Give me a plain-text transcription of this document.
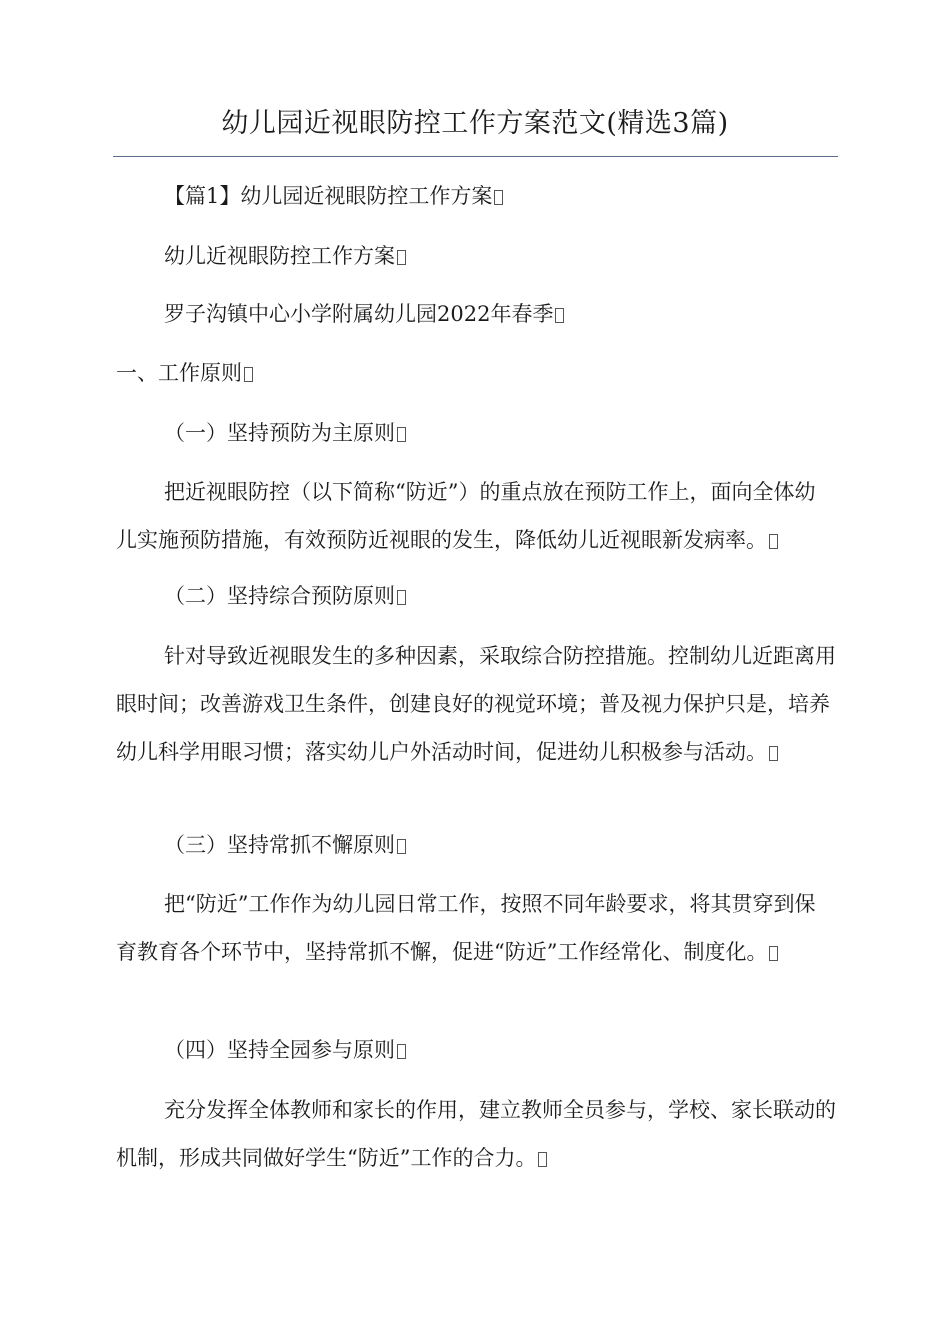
幼儿园近视眼防控工作方案范文(精选3篇)

【篇1】幼儿园近视眼防控工作方案

幼儿近视眼防控工作方案

罗子沟镇中心小学附属幼儿园2022年春季

一、工作原则

（一）坚持预防为主原则

把近视眼防控（以下简称“防近”）的重点放在预防工作上，面向全体幼儿实施预防措施，有效预防近视眼的发生，降低幼儿近视眼新发病率。

（二）坚持综合预防原则

针对导致近视眼发生的多种因素，采取综合防控措施。控制幼儿近距离用眼时间；改善游戏卫生条件，创建良好的视觉环境；普及视力保护只是，培养幼儿科学用眼习惯；落实幼儿户外活动时间，促进幼儿积极参与活动。

（三）坚持常抓不懈原则

把“防近”工作作为幼儿园日常工作，按照不同年龄要求，将其贯穿到保育教育各个环节中，坚持常抓不懈，促进“防近”工作经常化、制度化。

（四）坚持全园参与原则

充分发挥全体教师和家长的作用，建立教师全员参与，学校、家长联动的机制，形成共同做好学生“防近”工作的合力。
